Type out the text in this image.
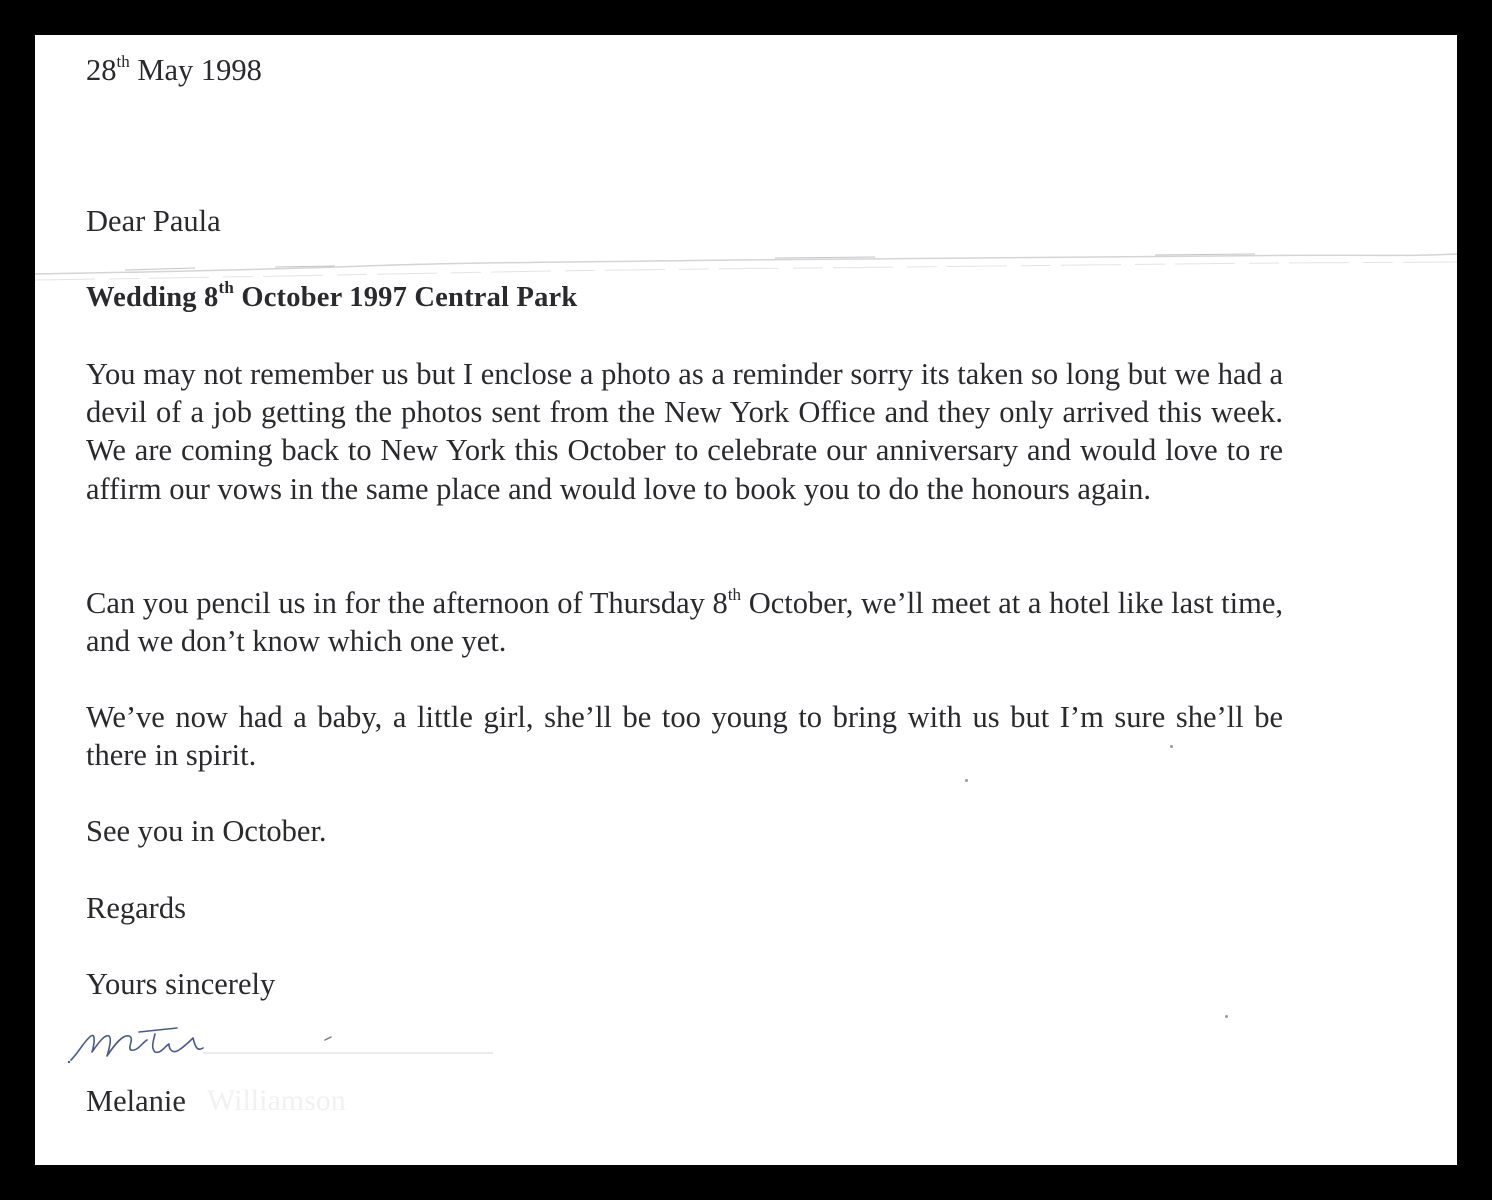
28th May 1998

Dear Paula

Wedding 8th October 1997 Central Park

You may not remember us but I enclose a photo as a reminder sorry its taken so long but we had a devil of a job getting the photos sent from the New York Office and they only arrived this week. We are coming back to New York this October to celebrate our anniversary and would love to re affirm our vows in the same place and would love to book you to do the honours again.

Can you pencil us in for the afternoon of Thursday 8th October, we’ll meet at a hotel like last time, and we don’t know which one yet.

We’ve now had a baby, a little girl, she’ll be too young to bring with us but I’m sure she’ll be there in spirit.

See you in October.

Regards

Yours sincerely

Williamson

Melanie
